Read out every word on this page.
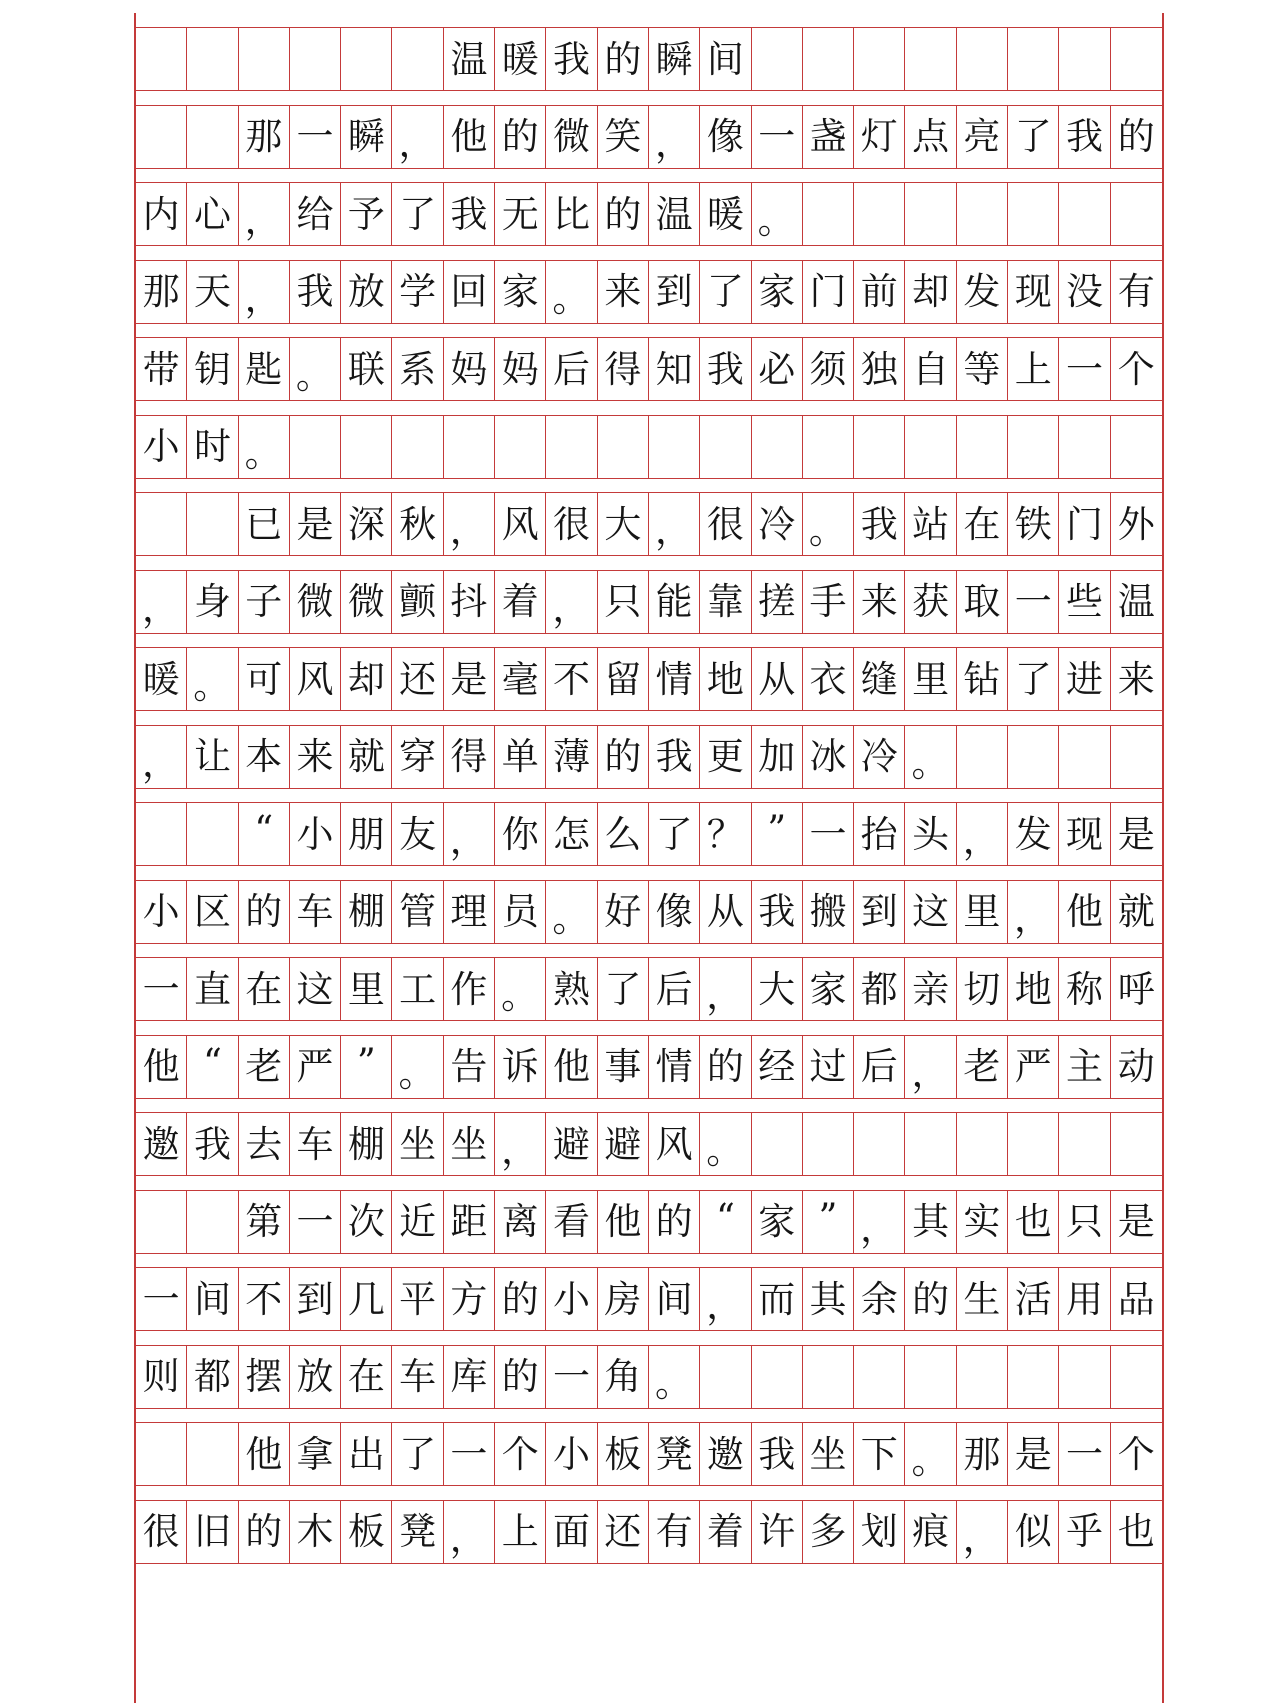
温 暖 我 的 瞬 间
那 一 瞬 ， 他 的 微 笑 ， 像 一 盏 灯 点 亮 了 我 的
内 心 ， 给 予 了 我 无 比 的 温 暖 。
那 天 ， 我 放 学 回 家 。 来 到 了 家 门 前 却 发 现 没 有
带 钥 匙 。 联 系 妈 妈 后 得 知 我 必 须 独 自 等 上 一 个
小 时 。
已 是 深 秋 ， 风 很 大 ， 很 冷 。 我 站 在 铁 门 外
， 身 子 微 微 颤 抖 着 ， 只 能 靠 搓 手 来 获 取 一 些 温
暖 。 可 风 却 还 是 毫 不 留 情 地 从 衣 缝 里 钻 了 进 来
， 让 本 来 就 穿 得 单 薄 的 我 更 加 冰 冷 。
“ 小 朋 友 ， 你 怎 么 了 ？ ” 一 抬 头 ， 发 现 是
小 区 的 车 棚 管 理 员 。 好 像 从 我 搬 到 这 里 ， 他 就
一 直 在 这 里 工 作 。 熟 了 后 ， 大 家 都 亲 切 地 称 呼
他 “ 老 严 ” 。 告 诉 他 事 情 的 经 过 后 ， 老 严 主 动
邀 我 去 车 棚 坐 坐 ， 避 避 风 。
第 一 次 近 距 离 看 他 的 “ 家 ” ， 其 实 也 只 是
一 间 不 到 几 平 方 的 小 房 间 ， 而 其 余 的 生 活 用 品
则 都 摆 放 在 车 库 的 一 角 。
他 拿 出 了 一 个 小 板 凳 邀 我 坐 下 。 那 是 一 个
很 旧 的 木 板 凳 ， 上 面 还 有 着 许 多 划 痕 ， 似 乎 也
